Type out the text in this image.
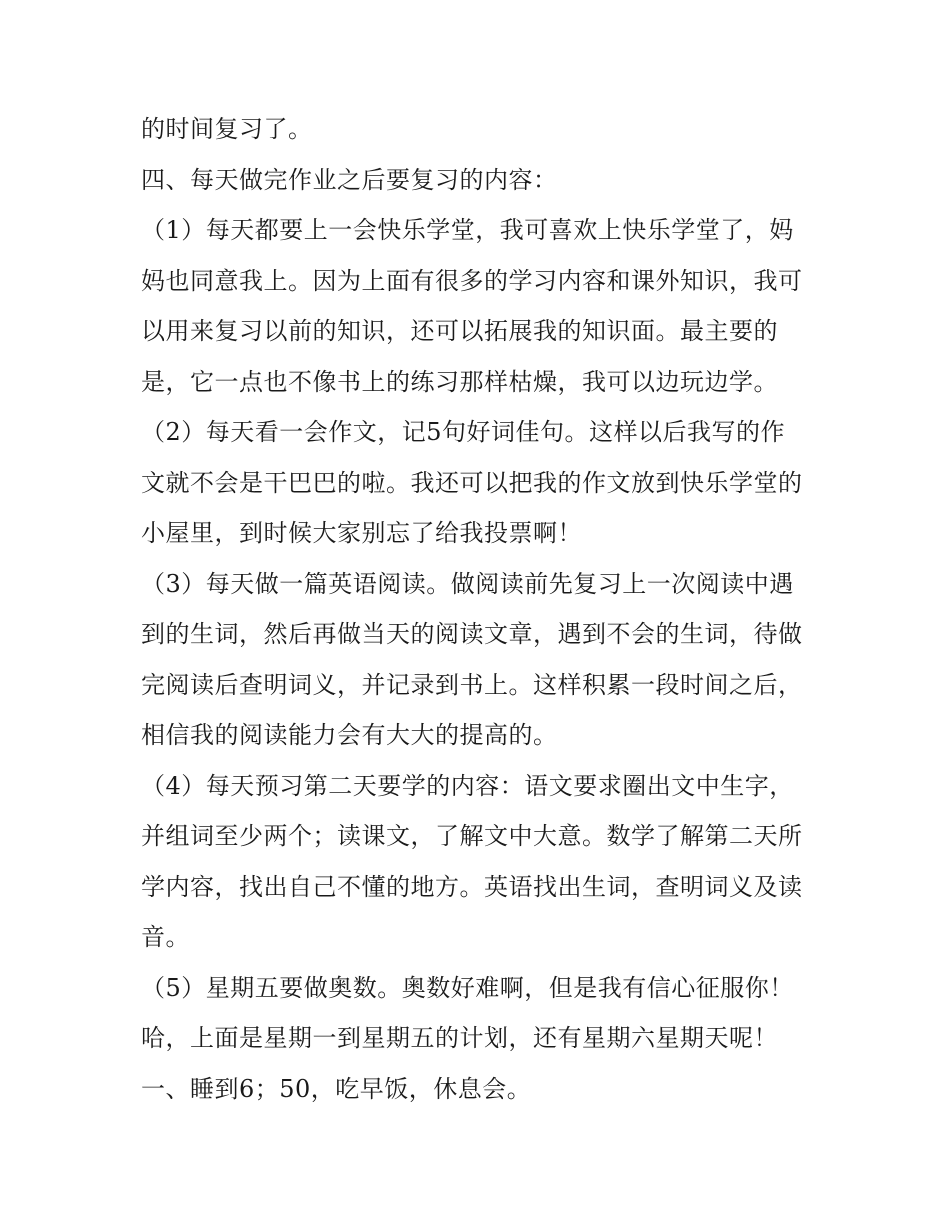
的时间复习了。
四、每天做完作业之后要复习的内容：
（1）每天都要上一会快乐学堂，我可喜欢上快乐学堂了，妈
妈也同意我上。因为上面有很多的学习内容和课外知识，我可
以用来复习以前的知识，还可以拓展我的知识面。最主要的
是，它一点也不像书上的练习那样枯燥，我可以边玩边学。
（2）每天看一会作文，记5句好词佳句。这样以后我写的作
文就不会是干巴巴的啦。我还可以把我的作文放到快乐学堂的
小屋里，到时候大家别忘了给我投票啊！
（3）每天做一篇英语阅读。做阅读前先复习上一次阅读中遇
到的生词，然后再做当天的阅读文章，遇到不会的生词，待做
完阅读后查明词义，并记录到书上。这样积累一段时间之后，
相信我的阅读能力会有大大的提高的。
（4）每天预习第二天要学的内容：语文要求圈出文中生字，
并组词至少两个；读课文，了解文中大意。数学了解第二天所
学内容，找出自己不懂的地方。英语找出生词，查明词义及读
音。
（5）星期五要做奥数。奥数好难啊，但是我有信心征服你！
哈，上面是星期一到星期五的计划，还有星期六星期天呢！
一、睡到6；50，吃早饭，休息会。
